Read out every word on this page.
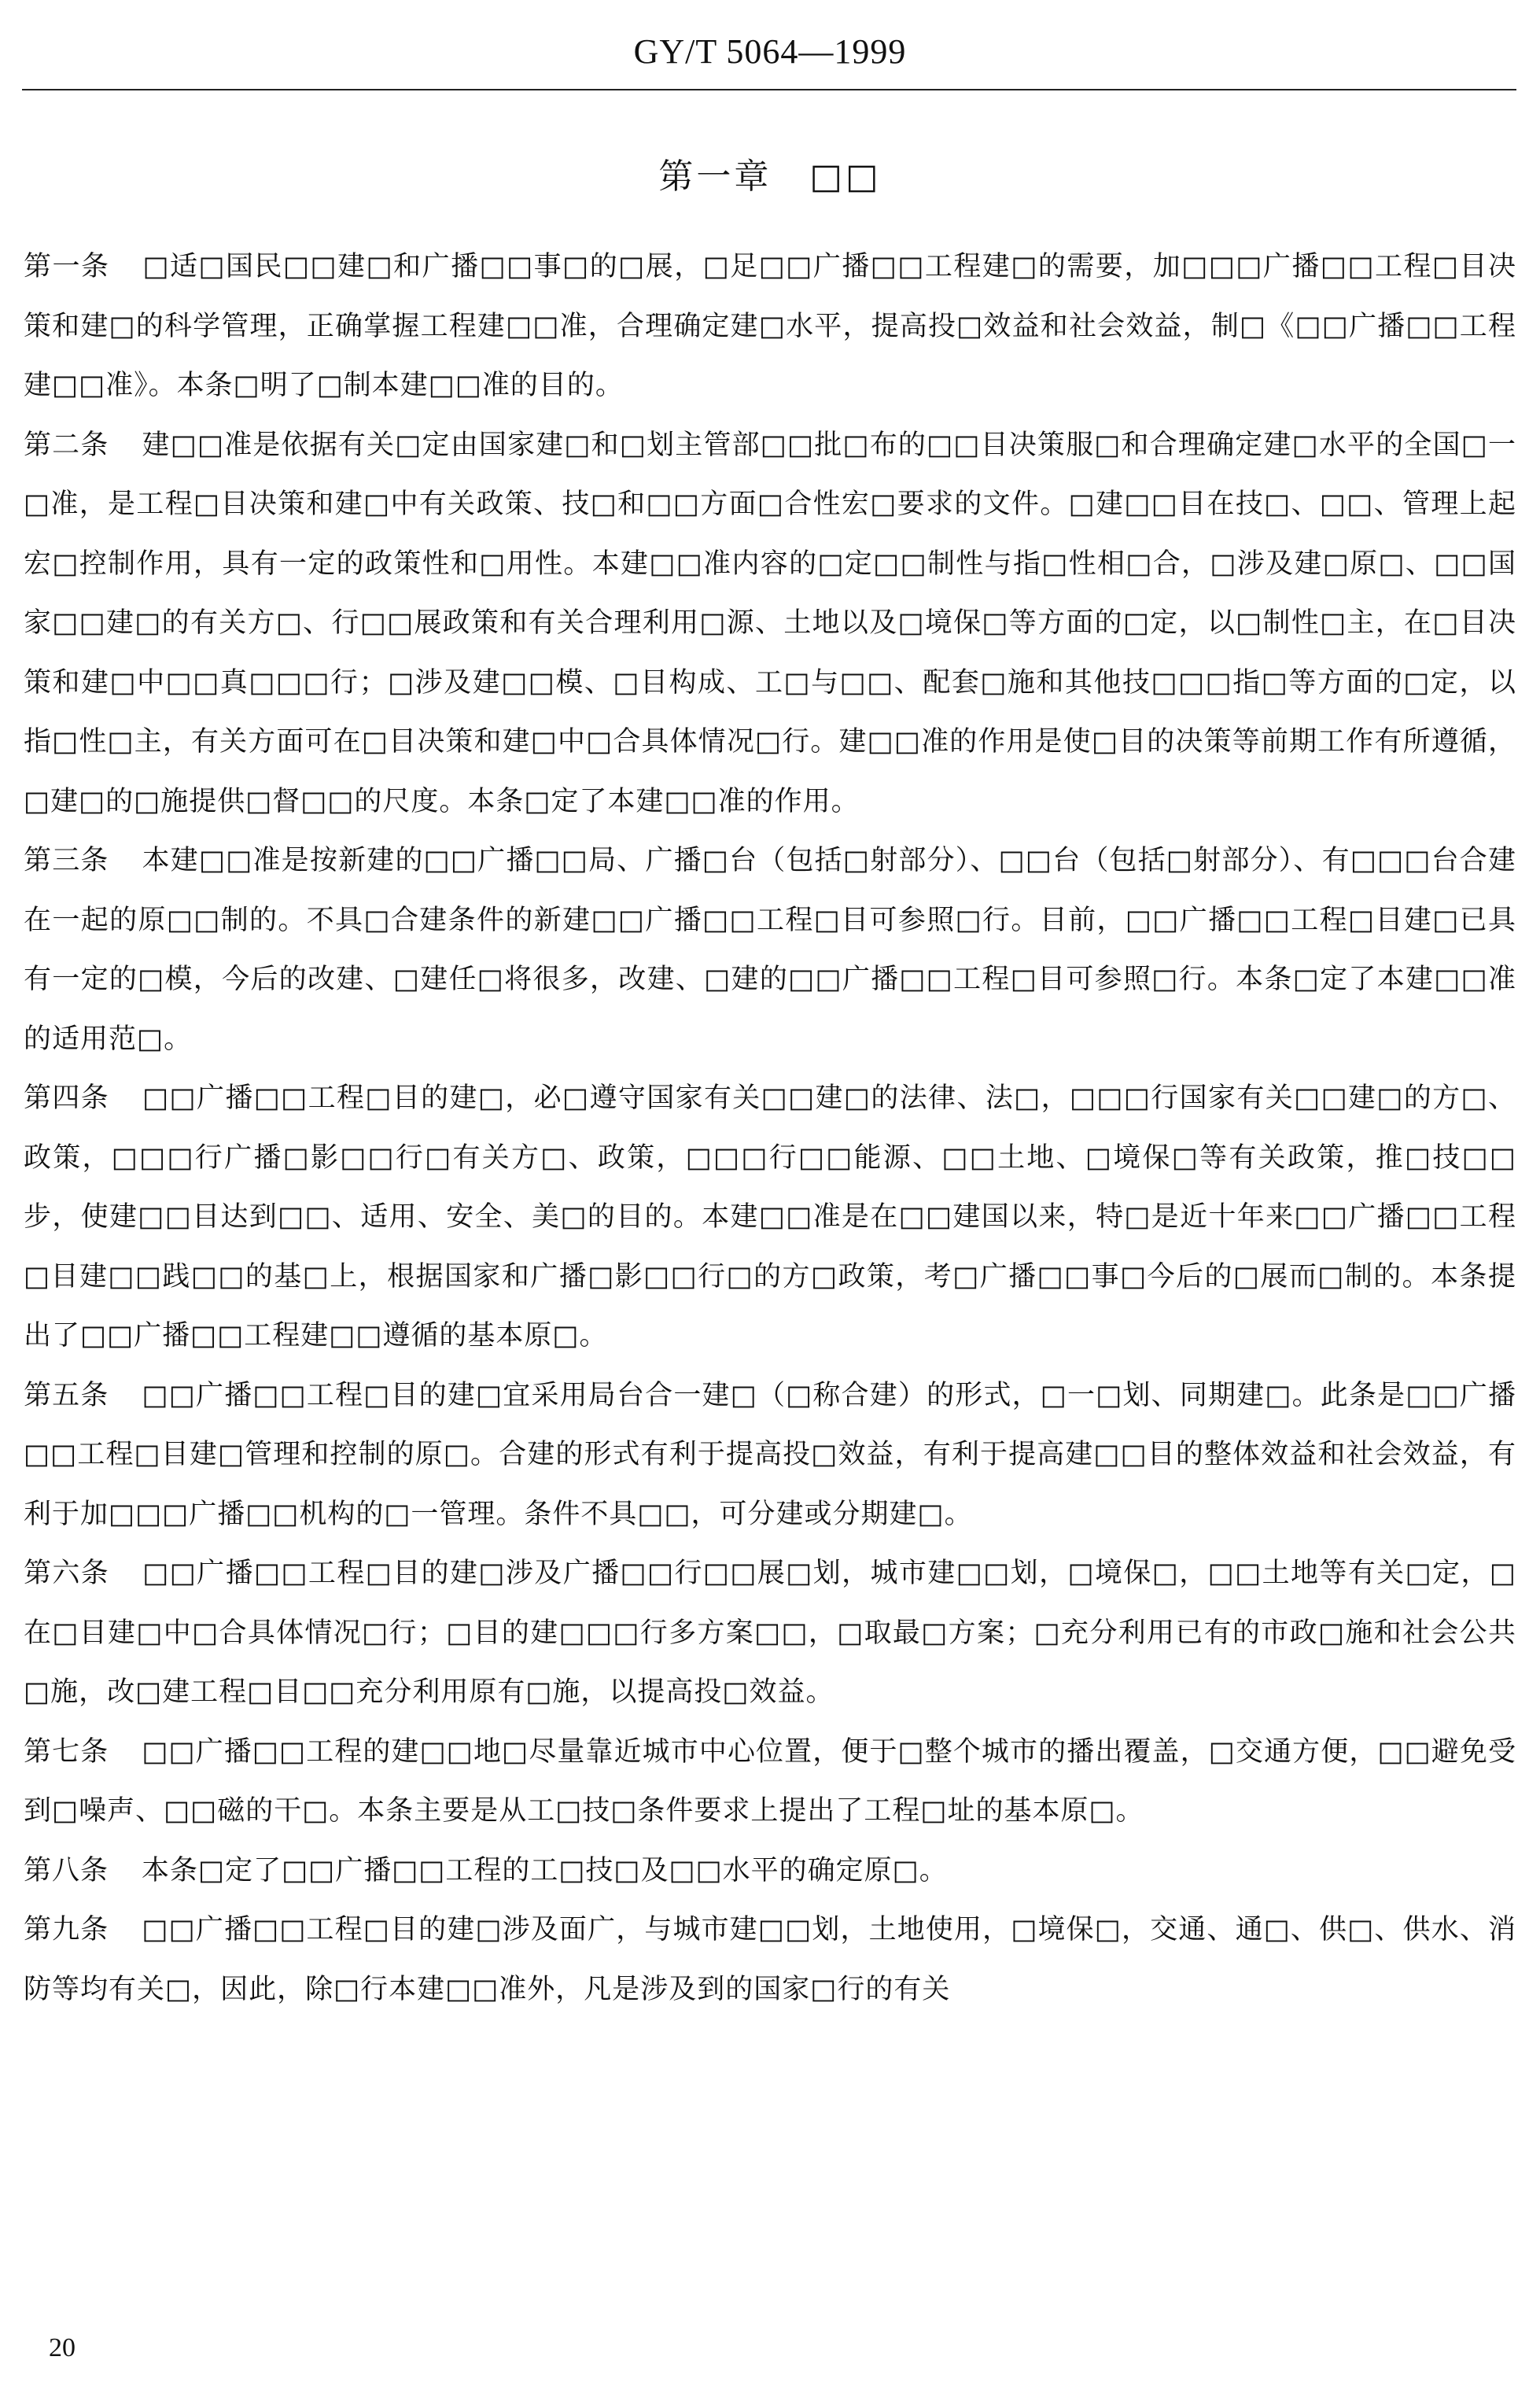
GY/T 5064—1999
第一章　□□

第一条 □适□国民□□建□和广播□□事□的□展，□足□□广播□□工程建□的需要，加□□□广播□□工程□目决策和建□的科学管理，正确掌握工程建□□准，合理确定建□水平，提高投□效益和社会效益，制□《□□广播□□工程建□□准》。本条□明了□制本建□□准的目的。

第二条 建□□准是依据有关□定由国家建□和□划主管部□□批□布的□□目决策服□和合理确定建□水平的全国□一□准，是工程□目决策和建□中有关政策、技□和□□方面□合性宏□要求的文件。□建□□目在技□、□□、管理上起宏□控制作用，具有一定的政策性和□用性。本建□□准内容的□定□□制性与指□性相□合，□涉及建□原□、□□国家□□建□的有关方□、行□□展政策和有关合理利用□源、土地以及□境保□等方面的□定，以□制性□主，在□目决策和建□中□□真□□□行；□涉及建□□模、□目构成、工□与□□、配套□施和其他技□□□指□等方面的□定，以指□性□主，有关方面可在□目决策和建□中□合具体情况□行。建□□准的作用是使□目的决策等前期工作有所遵循，□建□的□施提供□督□□的尺度。本条□定了本建□□准的作用。

第三条 本建□□准是按新建的□□广播□□局、广播□台（包括□射部分）、□□台（包括□射部分）、有□□□台合建在一起的原□□制的。不具□合建条件的新建□□广播□□工程□目可参照□行。目前，□□广播□□工程□目建□已具有一定的□模，今后的改建、□建任□将很多，改建、□建的□□广播□□工程□目可参照□行。本条□定了本建□□准的适用范□。

第四条 □□广播□□工程□目的建□，必□遵守国家有关□□建□的法律、法□，□□□行国家有关□□建□的方□、政策，□□□行广播□影□□行□有关方□、政策，□□□行□□能源、□□土地、□境保□等有关政策，推□技□□步，使建□□目达到□□、适用、安全、美□的目的。本建□□准是在□□建国以来，特□是近十年来□□广播□□工程□目建□□践□□的基□上，根据国家和广播□影□□行□的方□政策，考□广播□□事□今后的□展而□制的。本条提出了□□广播□□工程建□□遵循的基本原□。

第五条 □□广播□□工程□目的建□宜采用局台合一建□（□称合建）的形式，□一□划、同期建□。此条是□□广播□□工程□目建□管理和控制的原□。合建的形式有利于提高投□效益，有利于提高建□□目的整体效益和社会效益，有利于加□□□广播□□机构的□一管理。条件不具□□，可分建或分期建□。

第六条 □□广播□□工程□目的建□涉及广播□□行□□展□划，城市建□□划，□境保□，□□土地等有关□定，□在□目建□中□合具体情况□行；□目的建□□□行多方案□□，□取最□方案；□充分利用已有的市政□施和社会公共□施，改□建工程□目□□充分利用原有□施，以提高投□效益。

第七条 □□广播□□工程的建□□地□尽量靠近城市中心位置，便于□整个城市的播出覆盖，□交通方便，□□避免受到□噪声、□□磁的干□。本条主要是从工□技□条件要求上提出了工程□址的基本原□。

第八条 本条□定了□□广播□□工程的工□技□及□□水平的确定原□。

第九条 □□广播□□工程□目的建□涉及面广，与城市建□□划，土地使用，□境保□，交通、通□、供□、供水、消防等均有关□，因此，除□行本建□□准外，凡是涉及到的国家□行的有关

20
